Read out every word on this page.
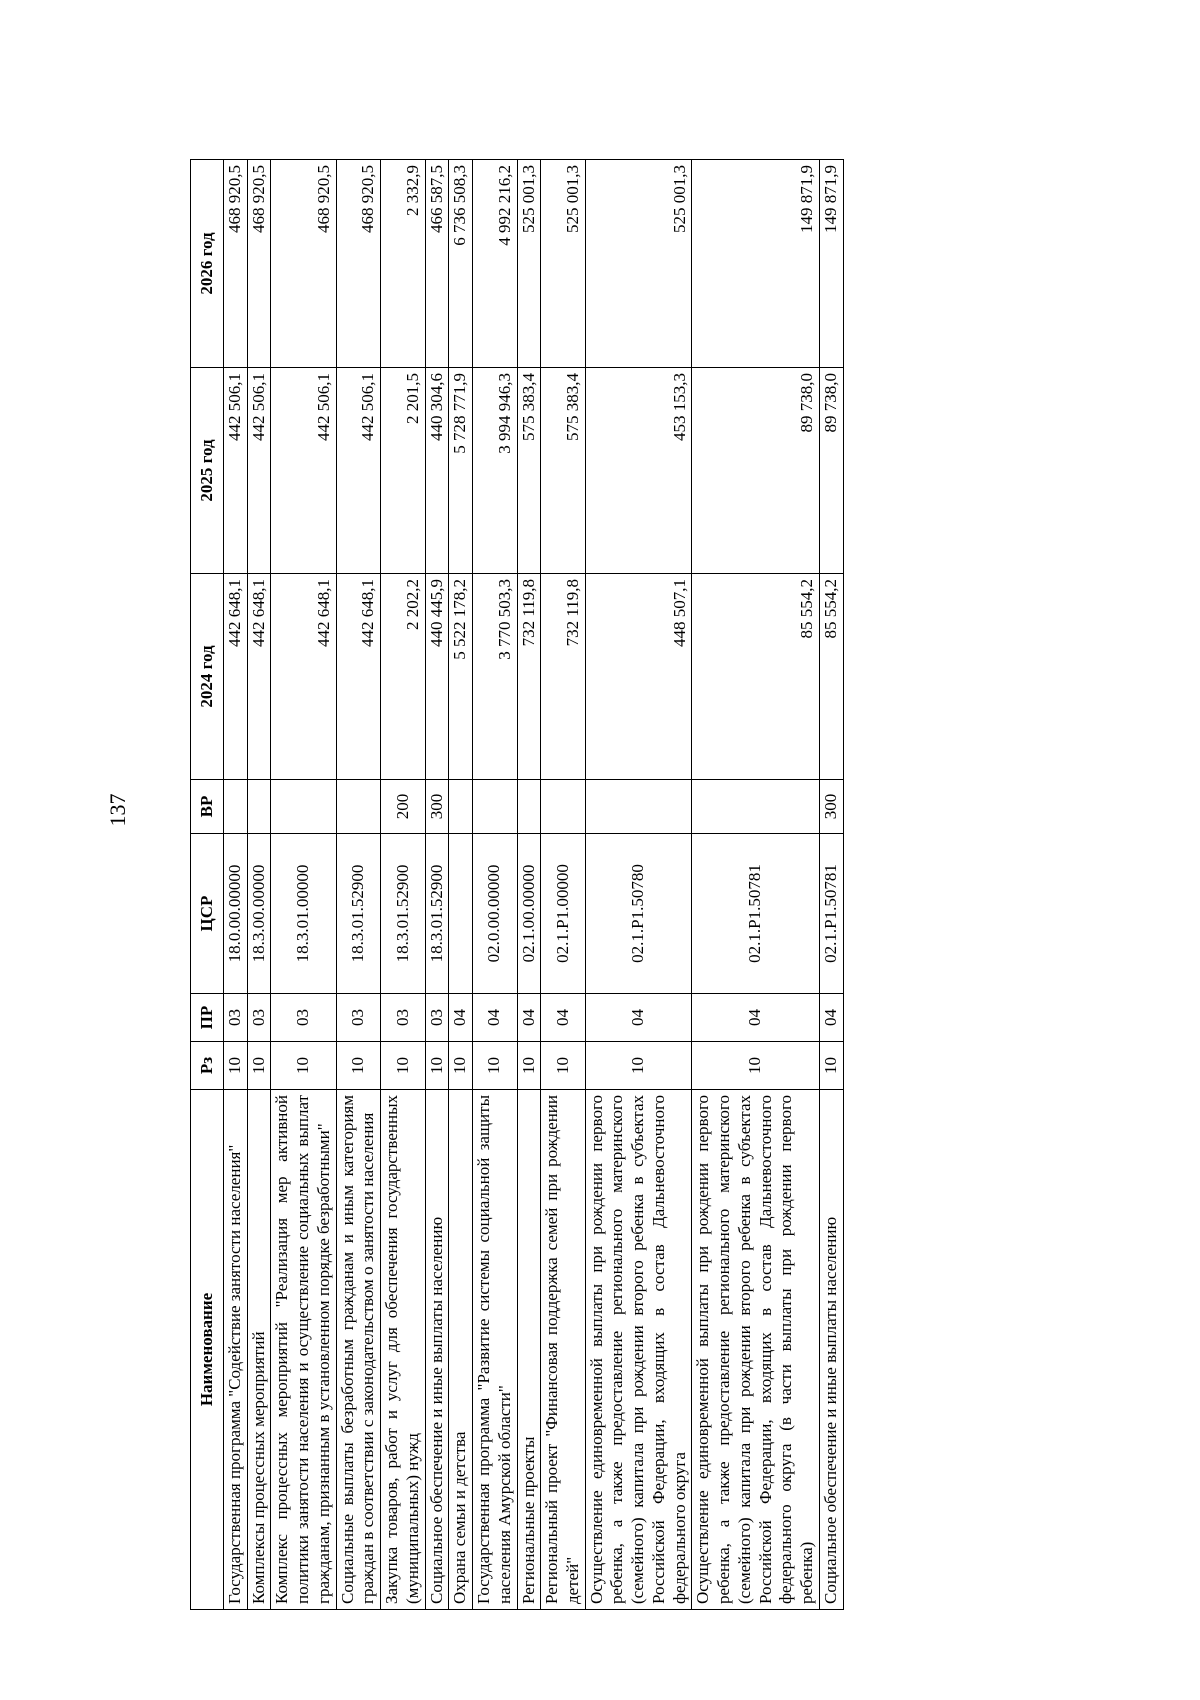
137
Наименование	Рз	ПР	ЦСР	ВР	2024 год	2025 год	2026 год
Государственная программа "Содействие занятости населения"	10	03	18.0.00.00000		442 648,1	442 506,1	468 920,5
Комплексы процессных мероприятий	10	03	18.3.00.00000		442 648,1	442 506,1	468 920,5
Комплекс процессных мероприятий "Реализация мер активной политики занятости населения и осуществление социальных выплат гражданам, признанным в установленном порядке безработными"	10	03	18.3.01.00000		442 648,1	442 506,1	468 920,5
Социальные выплаты безработным гражданам и иным категориям граждан в соответствии с законодательством о занятости населения	10	03	18.3.01.52900		442 648,1	442 506,1	468 920,5
Закупка товаров, работ и услуг для обеспечения государственных (муниципальных) нужд	10	03	18.3.01.52900	200	2 202,2	2 201,5	2 332,9
Социальное обеспечение и иные выплаты населению	10	03	18.3.01.52900	300	440 445,9	440 304,6	466 587,5
Охрана семьи и детства	10	04			5 522 178,2	5 728 771,9	6 736 508,3
Государственная программа "Развитие системы социальной защиты населения Амурской области"	10	04	02.0.00.00000		3 770 503,3	3 994 946,3	4 992 216,2
Региональные проекты	10	04	02.1.00.00000		732 119,8	575 383,4	525 001,3
Региональный проект "Финансовая поддержка семей при рождении детей"	10	04	02.1.P1.00000		732 119,8	575 383,4	525 001,3
Осуществление единовременной выплаты при рождении первого ребенка, а также предоставление регионального материнского (семейного) капитала при рождении второго ребенка в субъектах Российской Федерации, входящих в состав Дальневосточного федерального округа	10	04	02.1.P1.50780		448 507,1	453 153,3	525 001,3
Осуществление единовременной выплаты при рождении первого ребенка, а также предоставление регионального материнского (семейного) капитала при рождении второго ребенка в субъектах Российской Федерации, входящих в состав Дальневосточного федерального округа (в части выплаты при рождении первого ребенка)	10	04	02.1.P1.50781		85 554,2	89 738,0	149 871,9
Социальное обеспечение и иные выплаты населению	10	04	02.1.P1.50781	300	85 554,2	89 738,0	149 871,9
